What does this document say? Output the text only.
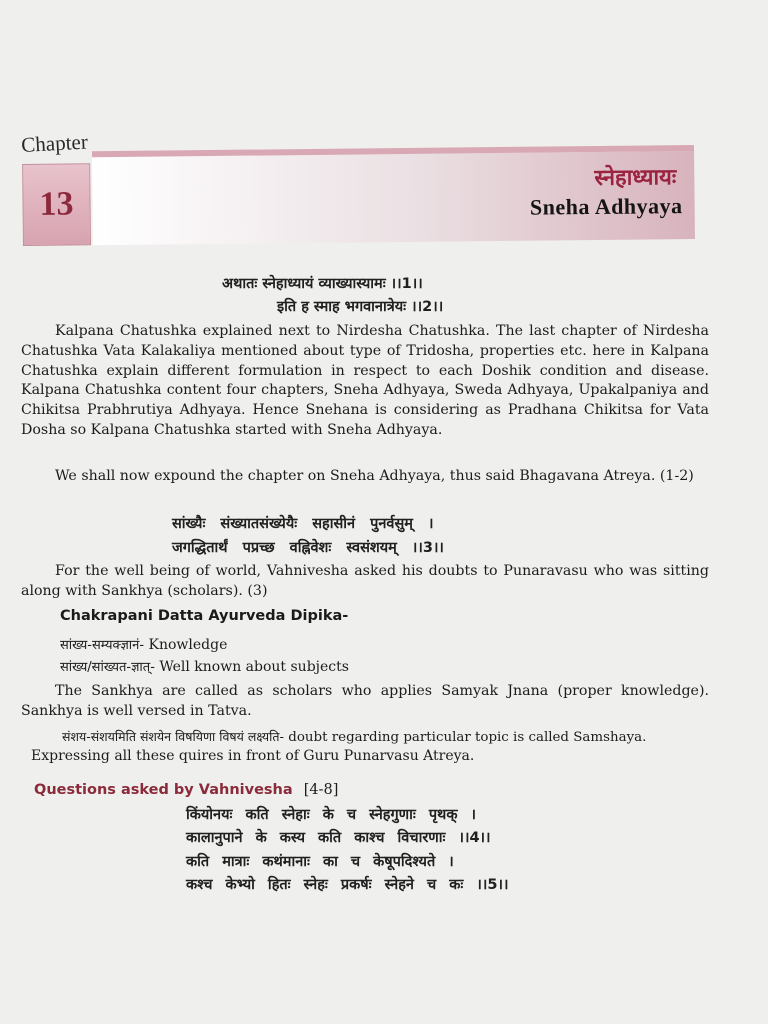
Chapter
13
स्नेहाध्यायः
Sneha Adhyaya
अथातः स्नेहाध्यायं व्याख्यास्यामः ।।1।।
इति ह स्माह भगवानात्रेयः ।।2।।
Kalpana Chatushka explained next to Nirdesha Chatushka. The last chapter of Nirdesha Chatushka Vata Kalakaliya mentioned about type of Tridosha, properties etc. here in Kalpana Chatushka explain different formulation in respect to each Doshik condition and disease. Kalpana Chatushka content four chapters, Sneha Adhyaya, Sweda Adhyaya, Upakalpaniya and Chikitsa Prabhrutiya Adhyaya. Hence Snehana is considering as Pradhana Chikitsa for Vata Dosha so Kalpana Chatushka started with Sneha Adhyaya.
We shall now expound the chapter on Sneha Adhyaya, thus said Bhagavana Atreya. (1-2)
सांख्यैः संख्यातसंख्येयैः सहासीनं पुनर्वसुम् ।
जगद्धितार्थं पप्रच्छ वह्निवेशः स्वसंशयम् ।।3।।
For the well being of world, Vahnivesha asked his doubts to Punaravasu who was sitting along with Sankhya (scholars). (3)
Chakrapani Datta Ayurveda Dipika-
सांख्य-सम्यक्ज्ञानं- Knowledge
सांख्य/सांख्यत-ज्ञात्- Well known about subjects
The Sankhya are called as scholars who applies Samyak Jnana (proper knowledge). Sankhya is well versed in Tatva.
संशय-संशयमिति संशयेन विषयिणा विषयं लक्ष्यति- doubt regarding particular topic is called Samshaya.
Expressing all these quires in front of Guru Punarvasu Atreya.
Questions asked by Vahnivesha [4-8]
किंयोनयः कति स्नेहाः के च स्नेहगुणाः पृथक् ।
कालानुपाने के कस्य कति काश्च विचारणाः ।।4।।
कति मात्राः कथंमानाः का च केषूपदिश्यते ।
कश्च केभ्यो हितः स्नेहः प्रकर्षः स्नेहने च कः ।।5।।
